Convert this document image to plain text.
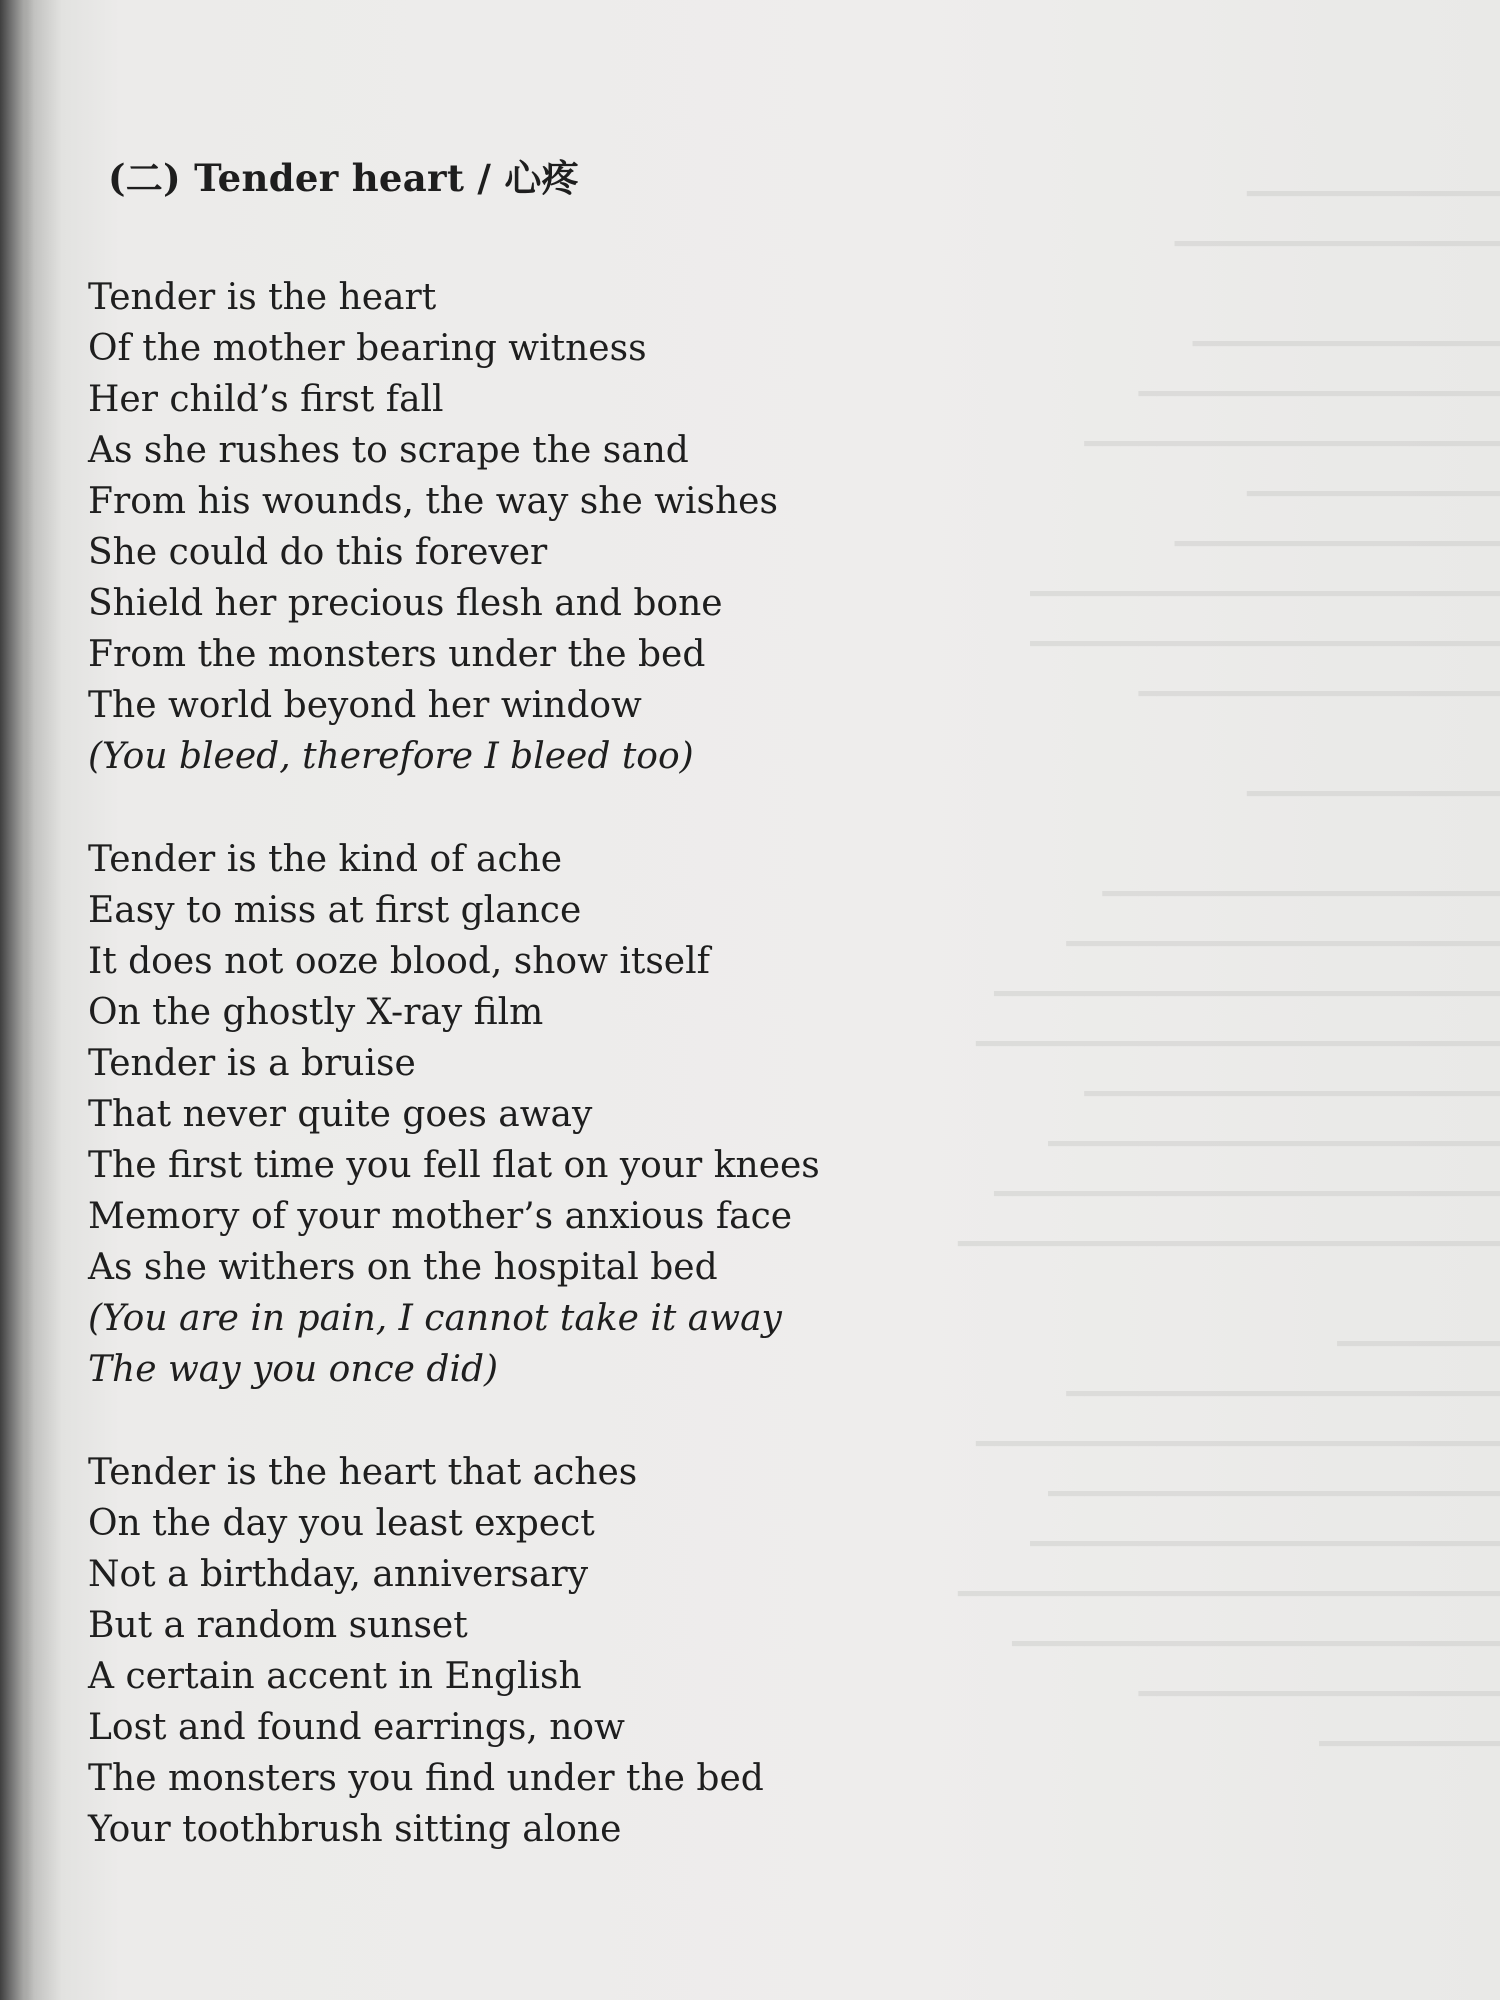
━━━━━━━━━━━━━━
━━━━━━━━━━━━━━━━━━

━━━━━━━━━━━━━━━━━
━━━━━━━━━━━━━━━━━━━━
━━━━━━━━━━━━━━━━━━━━━━━
━━━━━━━━━━━━━━
━━━━━━━━━━━━━━━━━━
━━━━━━━━━━━━━━━━━━━━━━━━━━
━━━━━━━━━━━━━━━━━━━━━━━━━━
━━━━━━━━━━━━━━━━━━━━

━━━━━━━━━━━━━━

━━━━━━━━━━━━━━━━━━━━━━
━━━━━━━━━━━━━━━━━━━━━━━━
━━━━━━━━━━━━━━━━━━━━━━━━━━━━
━━━━━━━━━━━━━━━━━━━━━━━━━━━━━
━━━━━━━━━━━━━━━━━━━━━━━
━━━━━━━━━━━━━━━━━━━━━━━━━
━━━━━━━━━━━━━━━━━━━━━━━━━━━━
━━━━━━━━━━━━━━━━━━━━━━━━━━━━━━

━━━━━━━━━
━━━━━━━━━━━━━━━━━━━━━━━━
━━━━━━━━━━━━━━━━━━━━━━━━━━━━━
━━━━━━━━━━━━━━━━━━━━━━━━━
━━━━━━━━━━━━━━━━━━━━━━━━━━
━━━━━━━━━━━━━━━━━━━━━━━━━━━━━━
━━━━━━━━━━━━━━━━━━━━━━━━━━━
━━━━━━━━━━━━━━━━━━━━
━━━━━━━━━━
(二) Tender heart / 心疼
Tender is the heart
Of the mother bearing witness
Her child’s first fall
As she rushes to scrape the sand
From his wounds, the way she wishes
She could do this forever
Shield her precious flesh and bone
From the monsters under the bed
The world beyond her window
(You bleed, therefore I bleed too)
Tender is the kind of ache
Easy to miss at first glance
It does not ooze blood, show itself
On the ghostly X-ray film
Tender is a bruise
That never quite goes away
The first time you fell flat on your knees
Memory of your mother’s anxious face
As she withers on the hospital bed
(You are in pain, I cannot take it away
The way you once did)
Tender is the heart that aches
On the day you least expect
Not a birthday, anniversary
But a random sunset
A certain accent in English
Lost and found earrings, now
The monsters you find under the bed
Your toothbrush sitting alone
